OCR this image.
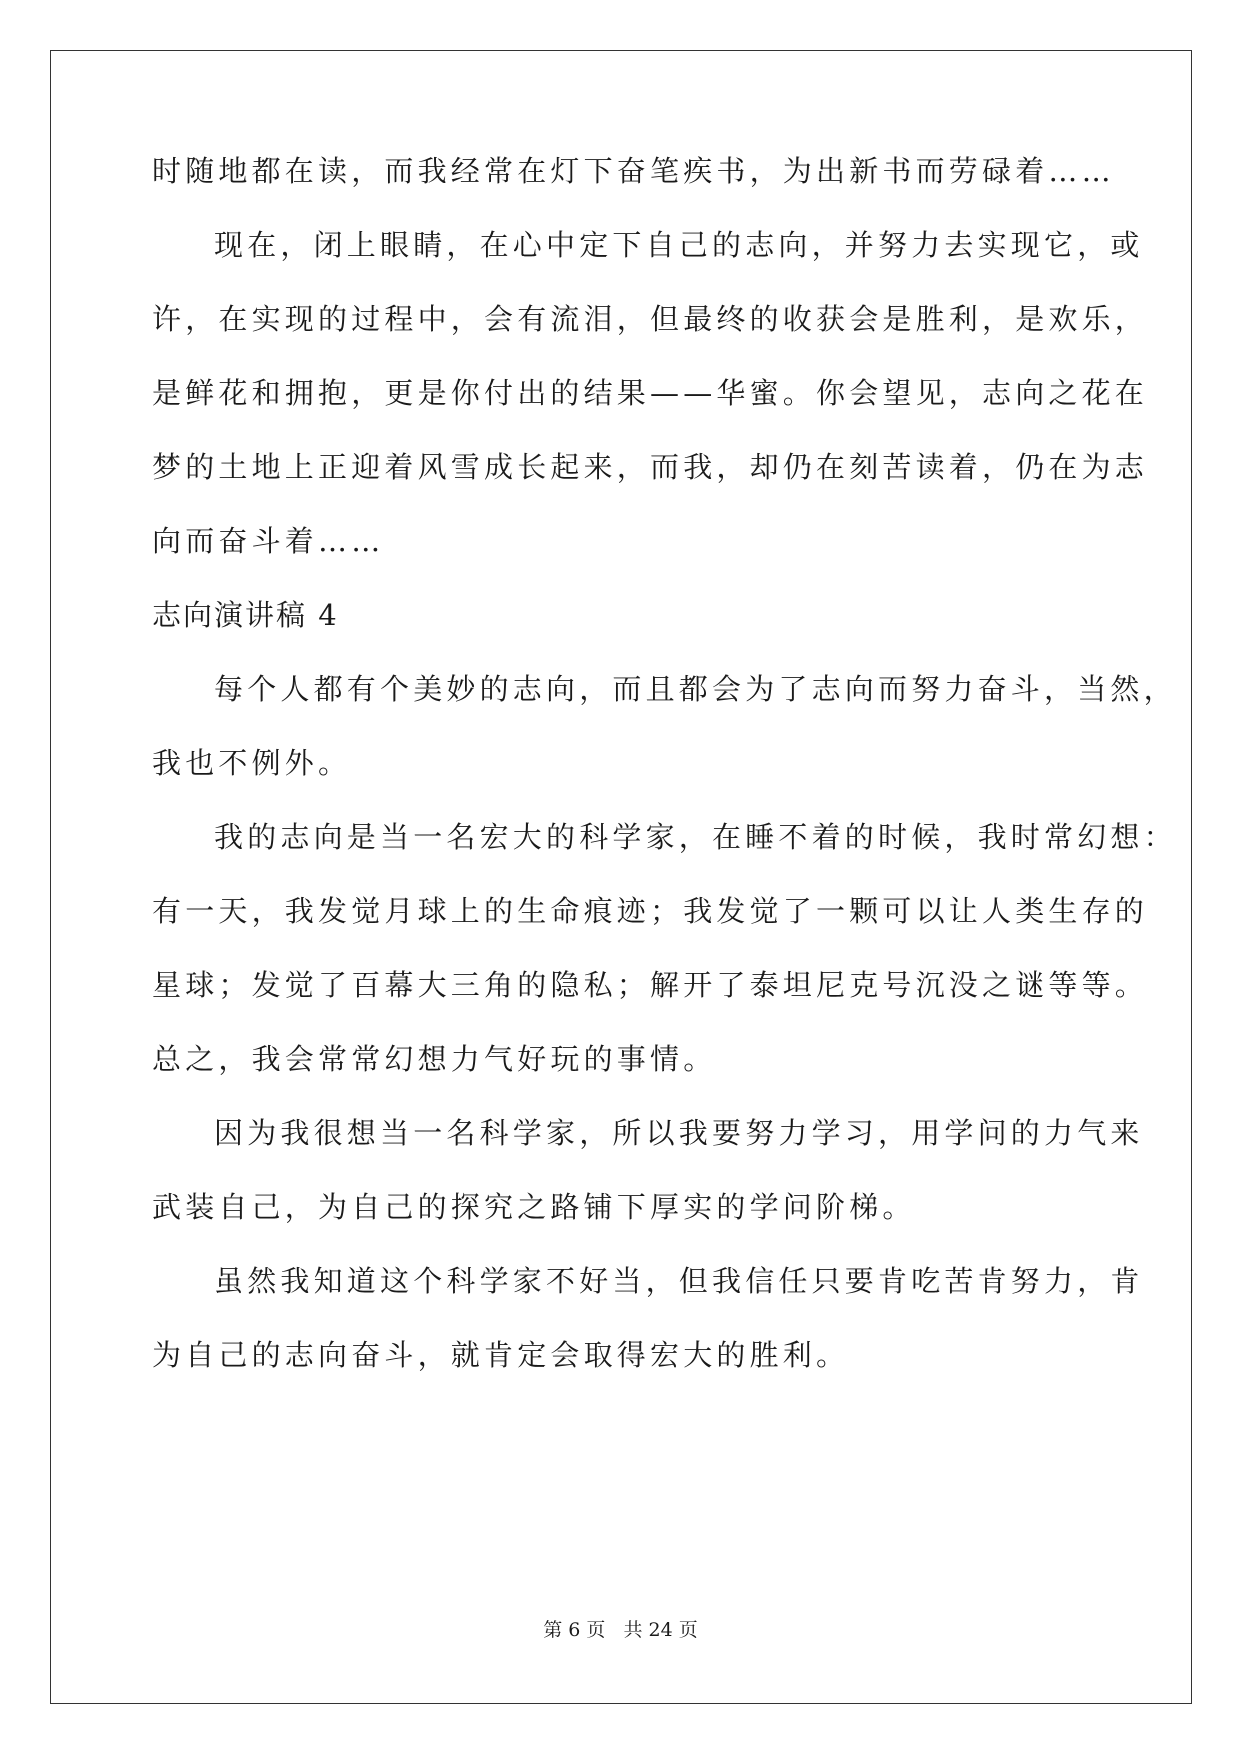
时随地都在读，而我经常在灯下奋笔疾书，为出新书而劳碌着……
现在，闭上眼睛，在心中定下自己的志向，并努力去实现它，或
许，在实现的过程中，会有流泪，但最终的收获会是胜利，是欢乐，
是鲜花和拥抱，更是你付出的结果——华蜜。你会望见，志向之花在
梦的土地上正迎着风雪成长起来，而我，却仍在刻苦读着，仍在为志
向而奋斗着……
志向演讲稿 4
每个人都有个美妙的志向，而且都会为了志向而努力奋斗，当然，
我也不例外。
我的志向是当一名宏大的科学家，在睡不着的时候，我时常幻想：
有一天，我发觉月球上的生命痕迹；我发觉了一颗可以让人类生存的
星球；发觉了百幕大三角的隐私；解开了泰坦尼克号沉没之谜等等。
总之，我会常常幻想力气好玩的事情。
因为我很想当一名科学家，所以我要努力学习，用学问的力气来
武装自己，为自己的探究之路铺下厚实的学问阶梯。
虽然我知道这个科学家不好当，但我信任只要肯吃苦肯努力，肯
为自己的志向奋斗，就肯定会取得宏大的胜利。
第 6 页   共 24 页
